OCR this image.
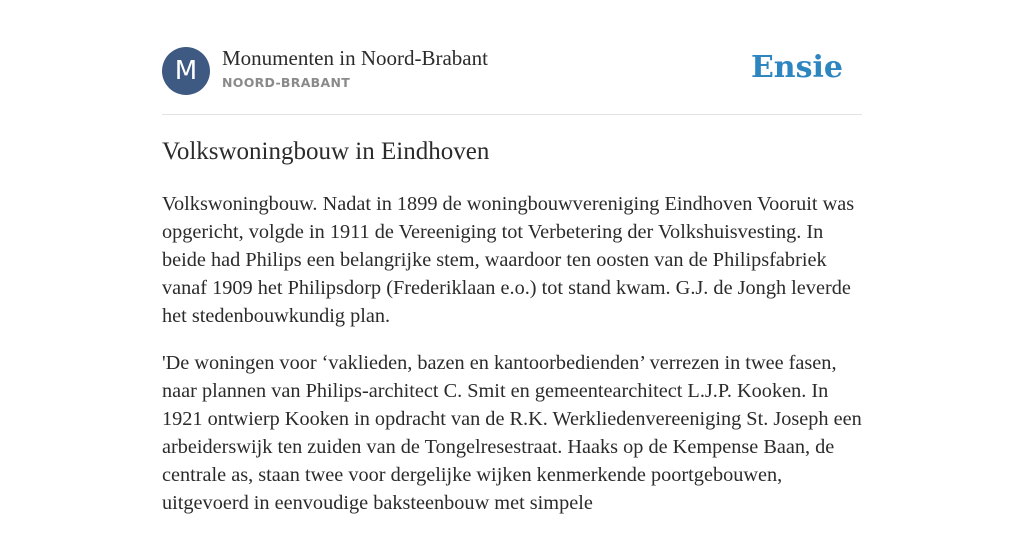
M	Monumenten in Noord-Brabant
NOORD-BRABANT	Ensie
Volkswoningbouw in Eindhoven

Volkswoningbouw. Nadat in 1899 de woningbouwvereniging Eindhoven Vooruit was opgericht, volgde in 1911 de Vereeniging tot Verbetering der Volkshuisvesting. In beide had Philips een belangrijke stem, waardoor ten oosten van de Philipsfabriek vanaf 1909 het Philipsdorp (Frederiklaan e.o.) tot stand kwam. G.J. de Jongh leverde het stedenbouwkundig plan.

'De woningen voor ‘vaklieden, bazen en kantoorbedienden’ verrezen in twee fasen, naar plannen van Philips-architect C. Smit en gemeentearchitect L.J.P. Kooken. In 1921 ontwierp Kooken in opdracht van de R.K. Werkliedenvereeniging St. Joseph een arbeiderswijk ten zuiden van de Tongelresestraat. Haaks op de Kempense Baan, de centrale as, staan twee voor dergelijke wijken kenmerkende poortgebouwen, uitgevoerd in eenvoudige baksteenbouw met simpele
